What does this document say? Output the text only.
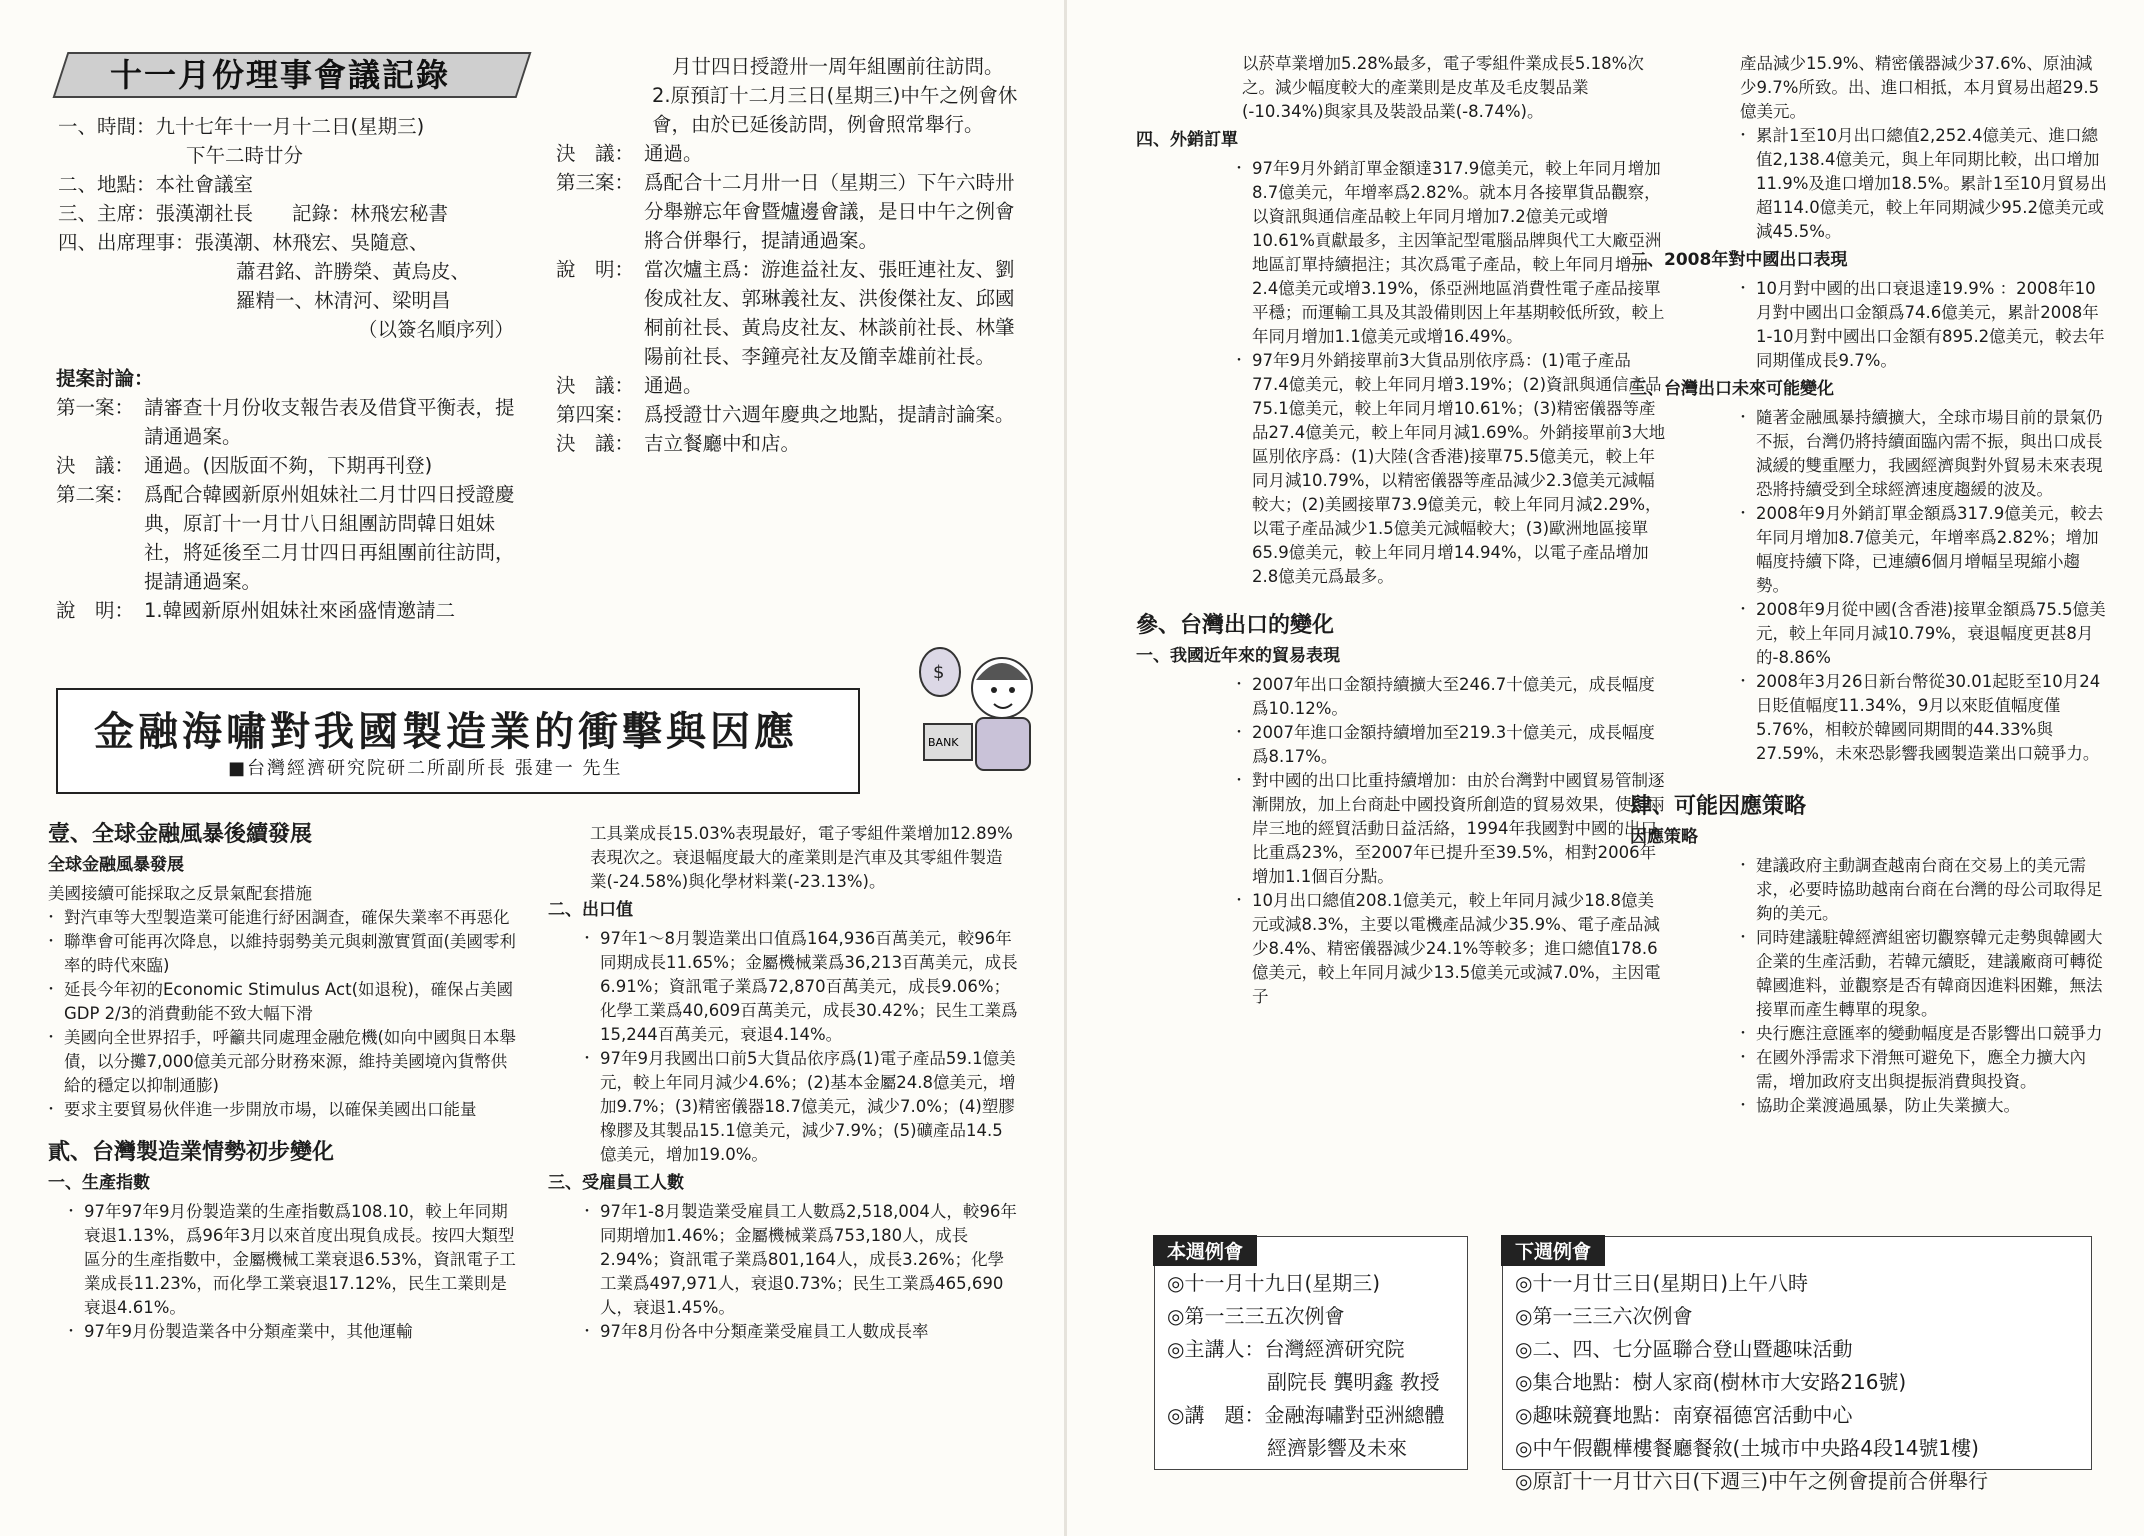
十一月份理事會議記錄
一、時間： 九十七年十一月十二日(星期三)
下午二時廿分
二、地點： 本社會議室
三、主席： 張漢潮社長　　記錄：林飛宏秘書
四、出席理事： 張漢潮、林飛宏、吳隨意、
蕭君銘、許勝榮、黃烏皮、
羅精一、林清河、梁明昌
（以簽名順序列）
提案討論：
第一案： 請審查十月份收支報告表及借貸平衡表，提請通過案。
決　議： 通過。(因版面不夠，下期再刊登)
第二案： 爲配合韓國新原州姐妹社二月廿四日授證慶典，原訂十一月廿八日組團訪問韓日姐妹社，將延後至二月廿四日再組團前往訪問，提請通過案。
說　明： 1.韓國新原州姐妹社來函盛情邀請二
月廿四日授證卅一周年組團前往訪問。
2.原預訂十二月三日(星期三)中午之例會休會，由於已延後訪問，例會照常舉行。
決　議： 通過。
第三案： 爲配合十二月卅一日（星期三）下午六時卅分舉辦忘年會暨爐邊會議，是日中午之例會將合併舉行，提請通過案。
說　明： 當次爐主爲：游進益社友、張旺連社友、劉俊成社友、郭琳義社友、洪俊傑社友、邱國桐前社長、黃烏皮社友、林談前社長、林肇陽前社長、李鐘亮社友及簡幸雄前社長。
決　議： 通過。
第四案： 爲授證廿六週年慶典之地點，提請討論案。
決　議： 吉立餐廳中和店。
金融海嘯對我國製造業的衝擊與因應
■台灣經濟研究院研二所副所長 張建一 先生
$
BANK
壹、全球金融風暴後續發展
全球金融風暴發展
美國接續可能採取之反景氣配套措施
・ 對汽車等大型製造業可能進行紓困調查，確保失業率不再惡化
・ 聯準會可能再次降息，以維持弱勢美元與刺激實質面(美國零利率的時代來臨)
・ 延長今年初的Economic Stimulus Act(如退稅)，確保占美國GDP 2/3的消費動能不致大幅下滑
・ 美國向全世界招手，呼籲共同處理金融危機(如向中國與日本舉債，以分攤7,000億美元部分財務來源，維持美國境內貨幣供給的穩定以抑制通膨)
・ 要求主要貿易伙伴進一步開放市場，以確保美國出口能量
貳、台灣製造業情勢初步變化
一、生產指數
・ 97年97年9月份製造業的生產指數爲108.10，較上年同期衰退1.13%，爲96年3月以來首度出現負成長。按四大類型區分的生產指數中，金屬機械工業衰退6.53%，資訊電子工業成長11.23%，而化學工業衰退17.12%，民生工業則是衰退4.61%。
・ 97年9月份製造業各中分類產業中，其他運輸
工具業成長15.03%表現最好，電子零組件業增加12.89%表現次之。衰退幅度最大的產業則是汽車及其零組件製造業(-24.58%)與化學材料業(-23.13%)。
二、出口值
・ 97年1～8月製造業出口值爲164,936百萬美元，較96年同期成長11.65%；金屬機械業爲36,213百萬美元，成長6.91%；資訊電子業爲72,870百萬美元，成長9.06%；化學工業爲40,609百萬美元，成長30.42%；民生工業爲15,244百萬美元，衰退4.14%。
・ 97年9月我國出口前5大貨品依序爲(1)電子產品59.1億美元，較上年同月減少4.6%；(2)基本金屬24.8億美元，增加9.7%；(3)精密儀器18.7億美元，減少7.0%；(4)塑膠橡膠及其製品15.1億美元，減少7.9%；(5)礦產品14.5億美元，增加19.0%。
三、受雇員工人數
・ 97年1-8月製造業受雇員工人數爲2,518,004人，較96年同期增加1.46%；金屬機械業爲753,180人，成長2.94%；資訊電子業爲801,164人，成長3.26%；化學工業爲497,971人，衰退0.73%；民生工業爲465,690人，衰退1.45%。
・ 97年8月份各中分類產業受雇員工人數成長率
以菸草業增加5.28%最多，電子零組件業成長5.18%次之。減少幅度較大的產業則是皮革及毛皮製品業(-10.34%)與家具及裝設品業(-8.74%)。
四、外銷訂單
・ 97年9月外銷訂單金額達317.9億美元，較上年同月增加8.7億美元，年增率爲2.82%。就本月各接單貨品觀察，以資訊與通信產品較上年同月增加7.2億美元或增10.61%貢獻最多，主因筆記型電腦品牌與代工大廠亞洲地區訂單持續挹注；其次爲電子產品，較上年同月增加2.4億美元或增3.19%，係亞洲地區消費性電子產品接單平穩；而運輸工具及其設備則因上年基期較低所致，較上年同月增加1.1億美元或增16.49%。
・ 97年9月外銷接單前3大貨品別依序爲：(1)電子產品77.4億美元，較上年同月增3.19%；(2)資訊與通信產品75.1億美元，較上年同月增10.61%；(3)精密儀器等產品27.4億美元，較上年同月減1.69%。外銷接單前3大地區別依序爲：(1)大陸(含香港)接單75.5億美元，較上年同月減10.79%，以精密儀器等產品減少2.3億美元減幅較大；(2)美國接單73.9億美元，較上年同月減2.29%，以電子產品減少1.5億美元減幅較大；(3)歐洲地區接單65.9億美元，較上年同月增14.94%，以電子產品增加2.8億美元爲最多。
參、台灣出口的變化
一、我國近年來的貿易表現
・ 2007年出口金額持續擴大至246.7十億美元，成長幅度爲10.12%。
・ 2007年進口金額持續增加至219.3十億美元，成長幅度爲8.17%。
・ 對中國的出口比重持續增加：由於台灣對中國貿易管制逐漸開放，加上台商赴中國投資所創造的貿易效果，使得兩岸三地的經貿活動日益活絡，1994年我國對中國的出口比重爲23%，至2007年已提升至39.5%，相對2006年增加1.1個百分點。
・ 10月出口總值208.1億美元，較上年同月減少18.8億美元或減8.3%，主要以電機產品減少35.9%、電子產品減少8.4%、精密儀器減少24.1%等較多；進口總值178.6億美元，較上年同月減少13.5億美元或減7.0%，主因電子
產品減少15.9%、精密儀器減少37.6%、原油減少9.7%所致。出、進口相抵，本月貿易出超29.5億美元。
・ 累計1至10月出口總值2,252.4億美元、進口總值2,138.4億美元，與上年同期比較，出口增加11.9%及進口增加18.5%。累計1至10月貿易出超114.0億美元，較上年同期減少95.2億美元或減45.5%。
二、2008年對中國出口表現
・ 10月對中國的出口衰退達19.9% ：2008年10月對中國出口金額爲74.6億美元，累計2008年1-10月對中國出口金額有895.2億美元，較去年同期僅成長9.7%。
三、台灣出口未來可能變化
・ 隨著金融風暴持續擴大，全球市場目前的景氣仍不振，台灣仍將持續面臨內需不振，與出口成長減緩的雙重壓力，我國經濟與對外貿易未來表現恐將持續受到全球經濟速度趨緩的波及。
・ 2008年9月外銷訂單金額爲317.9億美元，較去年同月增加8.7億美元，年增率爲2.82%；增加幅度持續下降，已連續6個月增幅呈現縮小趨勢。
・ 2008年9月從中國(含香港)接單金額爲75.5億美元，較上年同月減10.79%，衰退幅度更甚8月的-8.86%
・ 2008年3月26日新台幣從30.01起貶至10月24日貶值幅度11.34%，9月以來貶值幅度僅5.76%，相較於韓國同期間的44.33%與27.59%，未來恐影響我國製造業出口競爭力。
肆、可能因應策略
因應策略
・ 建議政府主動調查越南台商在交易上的美元需求，必要時協助越南台商在台灣的母公司取得足夠的美元。
・ 同時建議駐韓經濟組密切觀察韓元走勢與韓國大企業的生產活動，若韓元續貶，建議廠商可轉從韓國進料，並觀察是否有韓商因進料困難，無法接單而產生轉單的現象。
・ 央行應注意匯率的變動幅度是否影響出口競爭力
・ 在國外淨需求下滑無可避免下，應全力擴大內需，增加政府支出與提振消費與投資。
・ 協助企業渡過風暴，防止失業擴大。
本週例會
◎十一月十九日(星期三)
◎第一三三五次例會
◎主講人：台灣經濟研究院
　　　　　副院長 龔明鑫 教授
◎講　題：金融海嘯對亞洲總體
　　　　　經濟影響及未來
下週例會
◎十一月廿三日(星期日)上午八時
◎第一三三六次例會
◎二、四、七分區聯合登山暨趣味活動
◎集合地點：樹人家商(樹林市大安路216號)
◎趣味競賽地點：南寮福德宮活動中心
◎中午假觀樺樓餐廳餐敘(土城市中央路4段14號1樓)
◎原訂十一月廿六日(下週三)中午之例會提前合併舉行
